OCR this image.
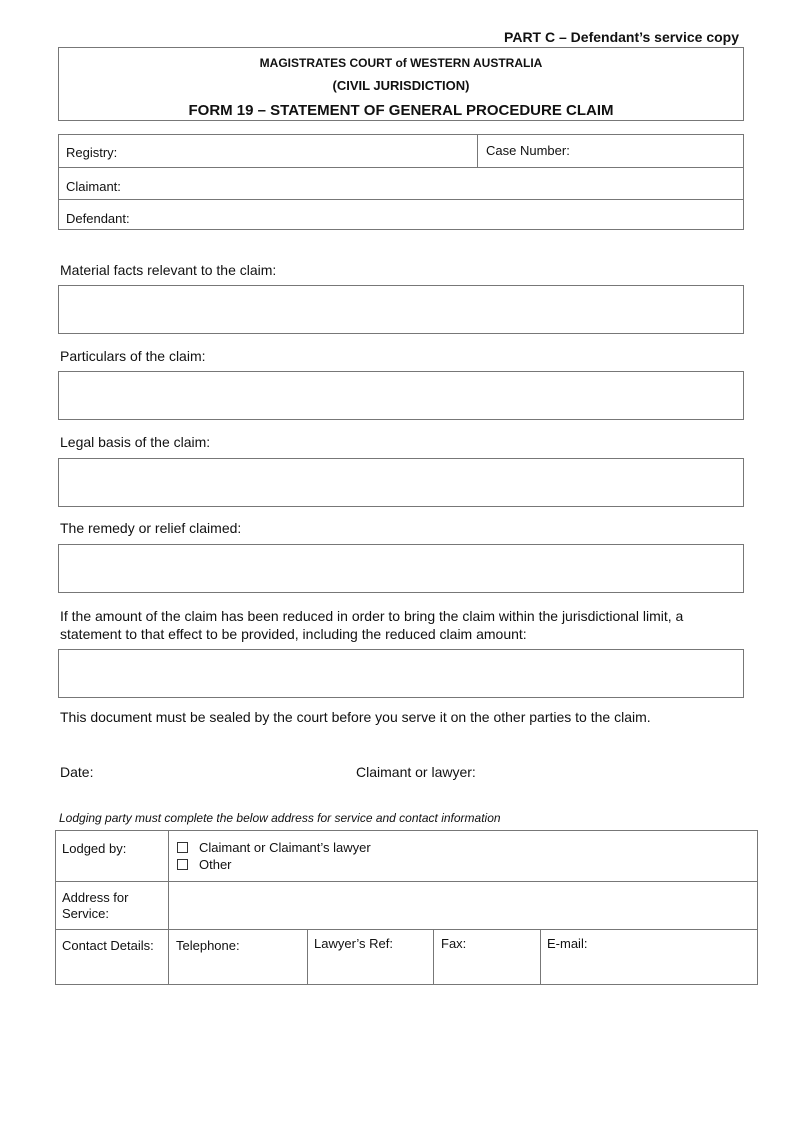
PART C – Defendant’s service copy
MAGISTRATES COURT of WESTERN AUSTRALIA
(CIVIL JURISDICTION)
FORM 19 – STATEMENT OF GENERAL PROCEDURE CLAIM
Registry:	Case Number:
Claimant:
Defendant:
Material facts relevant to the claim:
Particulars of the claim:
Legal basis of the claim:
The remedy or relief claimed:
If the amount of the claim has been reduced in order to bring the claim within the jurisdictional limit, a statement to that effect to be provided, including the reduced claim amount:
This document must be sealed by the court before you serve it on the other parties to the claim.
Date:	Claimant or lawyer:
Lodging party must complete the below address for service and contact information
Lodged by:	Claimant or Claimant’s lawyer
Other
Address for Service:
Contact Details: Telephone:	Lawyer’s Ref:	Fax:	E-mail:
